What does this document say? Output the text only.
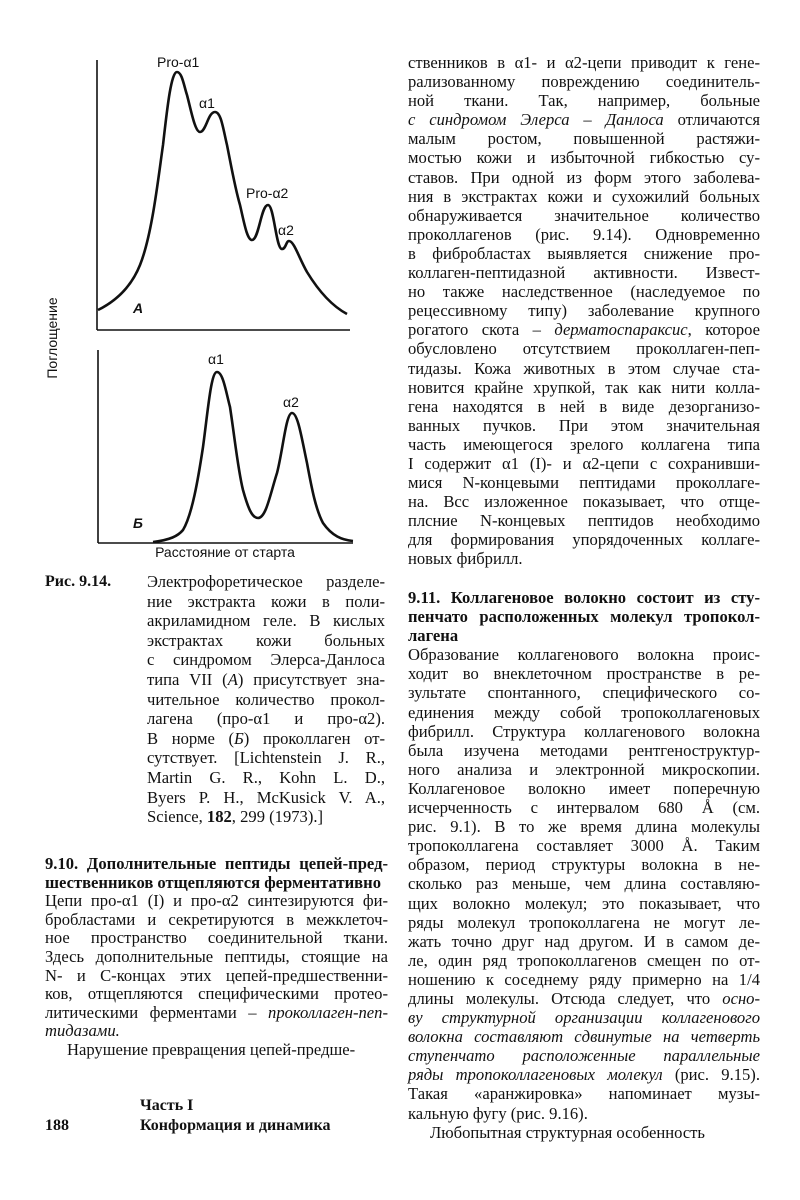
Pro-α1
α1
Pro-α2
α2
A
α1
α2
Б
Поглощение
Расстояние от старта
Рис. 9.14. Электрофоретическое разделе-
ние экстракта кожи в поли-
акриламидном геле. В кислых
экстрактах кожи больных
с синдромом Элерса-Данлоса
типа VII (А) присутствует зна-
чительное количество прокол-
лагена (про-α1 и про-α2).
В норме (Б) проколлаген от-
сутствует. [Lichtenstein J. R.,
Martin G. R., Kohn L. D.,
Byers P. H., McKusick V. A.,
Science, 182, 299 (1973).]
9.10. Дополнительные пептиды цепей-пред-
шественников отщепляются ферментативно
Цепи про-α1 (I) и про-α2 синтезируются фи-
бробластами и секретируются в межклеточ-
ное пространство соединительной ткани.
Здесь дополнительные пептиды, стоящие на
N- и C-концах этих цепей-предшественни-
ков, отщепляются специфическими протео-
литическими ферментами – проколлаген-пеп-
тидазами.
Нарушение превращения цепей-предше-
ственников в α1- и α2-цепи приводит к гене-
рализованному повреждению соединитель-
ной ткани. Так, например, больные
с синдромом Элерса – Данлоса отличаются
малым ростом, повышенной растяжи-
мостью кожи и избыточной гибкостью су-
ставов. При одной из форм этого заболева-
ния в экстрактах кожи и сухожилий больных
обнаруживается значительное количество
проколлагенов (рис. 9.14). Одновременно
в фибробластах выявляется снижение про-
коллаген-пептидазной активности. Извест-
но также наследственное (наследуемое по
рецессивному типу) заболевание крупного
рогатого скота – дерматоспараксис, которое
обусловлено отсутствием проколлаген-пеп-
тидазы. Кожа животных в этом случае ста-
новится крайне хрупкой, так как нити колла-
гена находятся в ней в виде дезорганизо-
ванных пучков. При этом значительная
часть имеющегося зрелого коллагена типа
I содержит α1 (I)- и α2-цепи с сохранивши-
мися N-концевыми пептидами проколлаге-
на. Всс изложенное показывает, что отще-
плсние N-концевых пептидов необходимо
для формирования упорядоченных коллаге-
новых фибрилл.
9.11. Коллагеновое волокно состоит из сту-
пенчато расположенных молекул тропокол-
лагена
Образование коллагенового волокна проис-
ходит во внеклеточном пространстве в ре-
зультате спонтанного, специфического со-
единения между собой тропоколлагеновых
фибрилл. Структура коллагенового волокна
была изучена методами рентгеноструктур-
ного анализа и электронной микроскопии.
Коллагеновое волокно имеет поперечную
исчерченность с интервалом 680 Å (см.
рис. 9.1). В то же время длина молекулы
тропоколлагена составляет 3000 Å. Таким
образом, период структуры волокна в не-
сколько раз меньше, чем длина составляю-
щих волокно молекул; это показывает, что
ряды молекул тропоколлагена не могут ле-
жать точно друг над другом. И в самом де-
ле, один ряд тропоколлагенов смещен по от-
ношению к соседнему ряду примерно на 1/4
длины молекулы. Отсюда следует, что осно-
ву структурной организации коллагенового
волокна составляют сдвинутые на четверть
ступенчато расположенные параллельные
ряды тропоколлагеновых молекул (рис. 9.15).
Такая «аранжировка» напоминает музы-
кальную фугу (рис. 9.16).
Любопытная структурная особенность
188
Часть I
Конформация и динамика
